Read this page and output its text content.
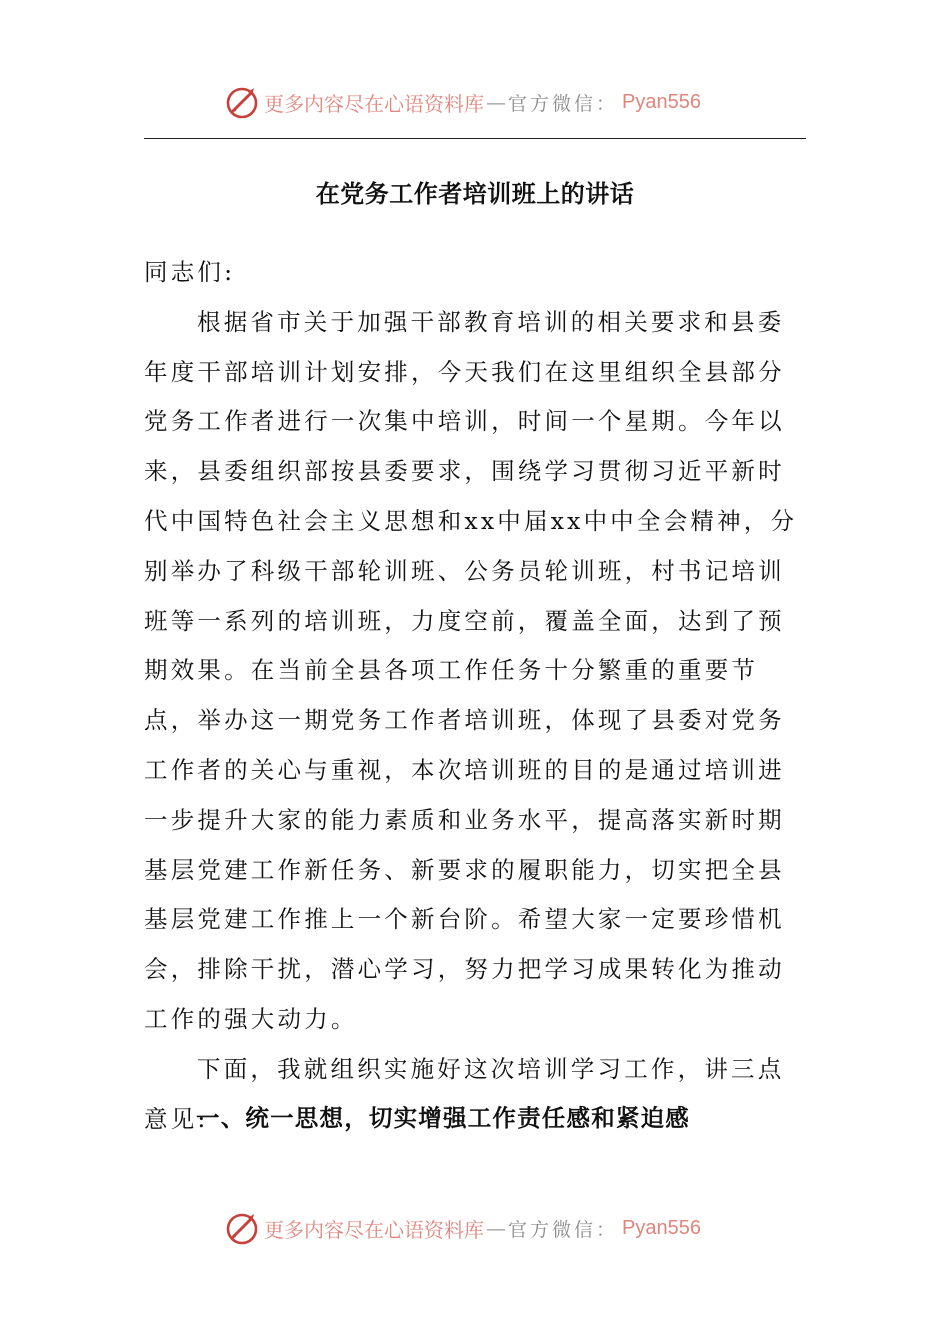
更多内容尽在心语资料库 — 官方微信： Pyan556
在党务工作者培训班上的讲话

同志们:

根据省市关于加强干部教育培训的相关要求和县委年度干部培训计划安排，今天我们在这里组织全县部分党务工作者进行一次集中培训，时间一个星期。今年以来，县委组织部按县委要求，围绕学习贯彻习近平新时代中国特色社会主义思想和xx中届xx中中全会精神，分别举办了科级干部轮训班、公务员轮训班，村书记培训班等一系列的培训班，力度空前，覆盖全面，达到了预期效果。在当前全县各项工作任务十分繁重的重要节点，举办这一期党务工作者培训班，体现了县委对党务工作者的关心与重视，本次培训班的目的是通过培训进一步提升大家的能力素质和业务水平，提高落实新时期基层党建工作新任务、新要求的履职能力，切实把全县基层党建工作推上一个新台阶。希望大家一定要珍惜机会，排除干扰，潜心学习，努力把学习成果转化为推动工作的强大动力。

下面，我就组织实施好这次培训学习工作，讲三点意见:

一、统一思想，切实增强工作责任感和紧迫感
更多内容尽在心语资料库 — 官方微信： Pyan556
